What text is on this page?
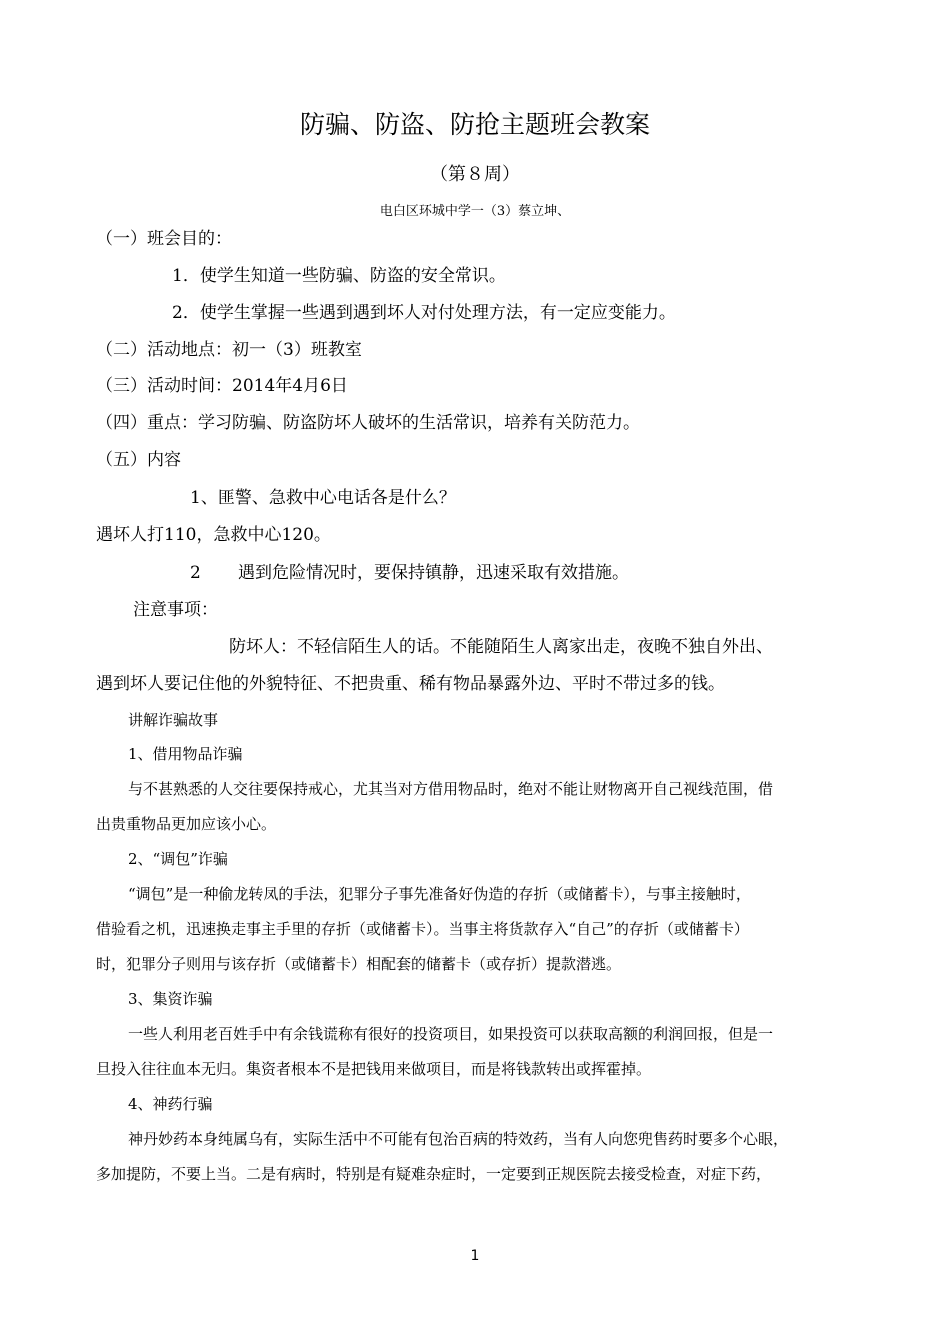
防骗、防盗、防抢主题班会教案
（第８周）
电白区环城中学一（3）蔡立坤、
（一）班会目的：
1．使学生知道一些防骗、防盗的安全常识。
2．使学生掌握一些遇到遇到坏人对付处理方法，有一定应变能力。
（二）活动地点：初一（3）班教室
（三）活动时间：2014年4月6日
（四）重点：学习防骗、防盗防坏人破坏的生活常识，培养有关防范力。
（五）内容
1、匪警、急救中心电话各是什么？
遇坏人打110，急救中心120。
2 遇到危险情况时，要保持镇静，迅速采取有效措施。
注意事项：
防坏人：不轻信陌生人的话。不能随陌生人离家出走，夜晚不独自外出、
遇到坏人要记住他的外貌特征、不把贵重、稀有物品暴露外边、平时不带过多的钱。
讲解诈骗故事
1、借用物品诈骗
与不甚熟悉的人交往要保持戒心，尤其当对方借用物品时，绝对不能让财物离开自己视线范围，借
出贵重物品更加应该小心。
2、“调包”诈骗
“调包”是一种偷龙转凤的手法，犯罪分子事先准备好伪造的存折（或储蓄卡），与事主接触时，
借验看之机，迅速换走事主手里的存折（或储蓄卡）。当事主将货款存入“自己”的存折（或储蓄卡）
时，犯罪分子则用与该存折（或储蓄卡）相配套的储蓄卡（或存折）提款潜逃。
3、集资诈骗
一些人利用老百姓手中有余钱谎称有很好的投资项目，如果投资可以获取高额的利润回报，但是一
旦投入往往血本无归。集资者根本不是把钱用来做项目，而是将钱款转出或挥霍掉。
4、神药行骗
神丹妙药本身纯属乌有，实际生活中不可能有包治百病的特效药，当有人向您兜售药时要多个心眼，
多加提防，不要上当。二是有病时，特别是有疑难杂症时，一定要到正规医院去接受检查，对症下药，
1
